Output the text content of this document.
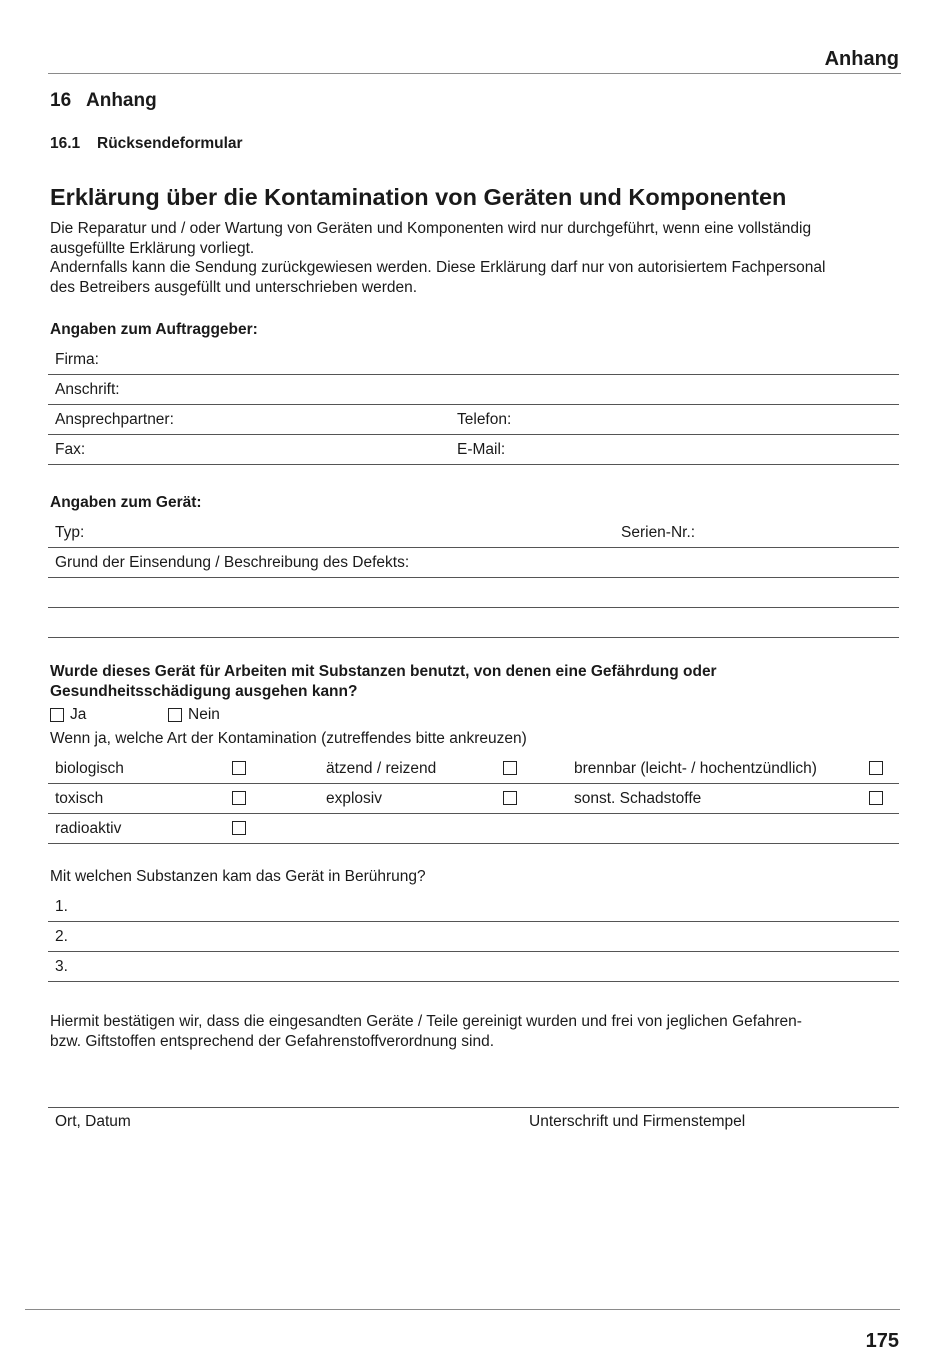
Anhang
16 Anhang
16.1 Rücksendeformular
Erklärung über die Kontamination von Geräten und Komponenten
Die Reparatur und / oder Wartung von Geräten und Komponenten wird nur durchgeführt, wenn eine vollständig
ausgefüllte Erklärung vorliegt.
Andernfalls kann die Sendung zurückgewiesen werden. Diese Erklärung darf nur von autorisiertem Fachpersonal
des Betreibers ausgefüllt und unterschrieben werden.
Angaben zum Auftraggeber:
Firma:
Anschrift:
Ansprechpartner:	Telefon:
Fax:	E-Mail:
Angaben zum Gerät:
Typ:	Serien-Nr.:
Grund der Einsendung / Beschreibung des Defekts:
Wurde dieses Gerät für Arbeiten mit Substanzen benutzt, von denen eine Gefährdung oder
Gesundheitsschädigung ausgehen kann?
Ja	Nein
Wenn ja, welche Art der Kontamination (zutreffendes bitte ankreuzen)
biologisch	ätzend / reizend	brennbar (leicht- / hochentzündlich)
toxisch	explosiv	sonst. Schadstoffe
radioaktiv
Mit welchen Substanzen kam das Gerät in Berührung?
1.
2.
3.
Hiermit bestätigen wir, dass die eingesandten Geräte / Teile gereinigt wurden und frei von jeglichen Gefahren-
bzw. Giftstoffen entsprechend der Gefahrenstoffverordnung sind.
Ort, Datum	Unterschrift und Firmenstempel
175
